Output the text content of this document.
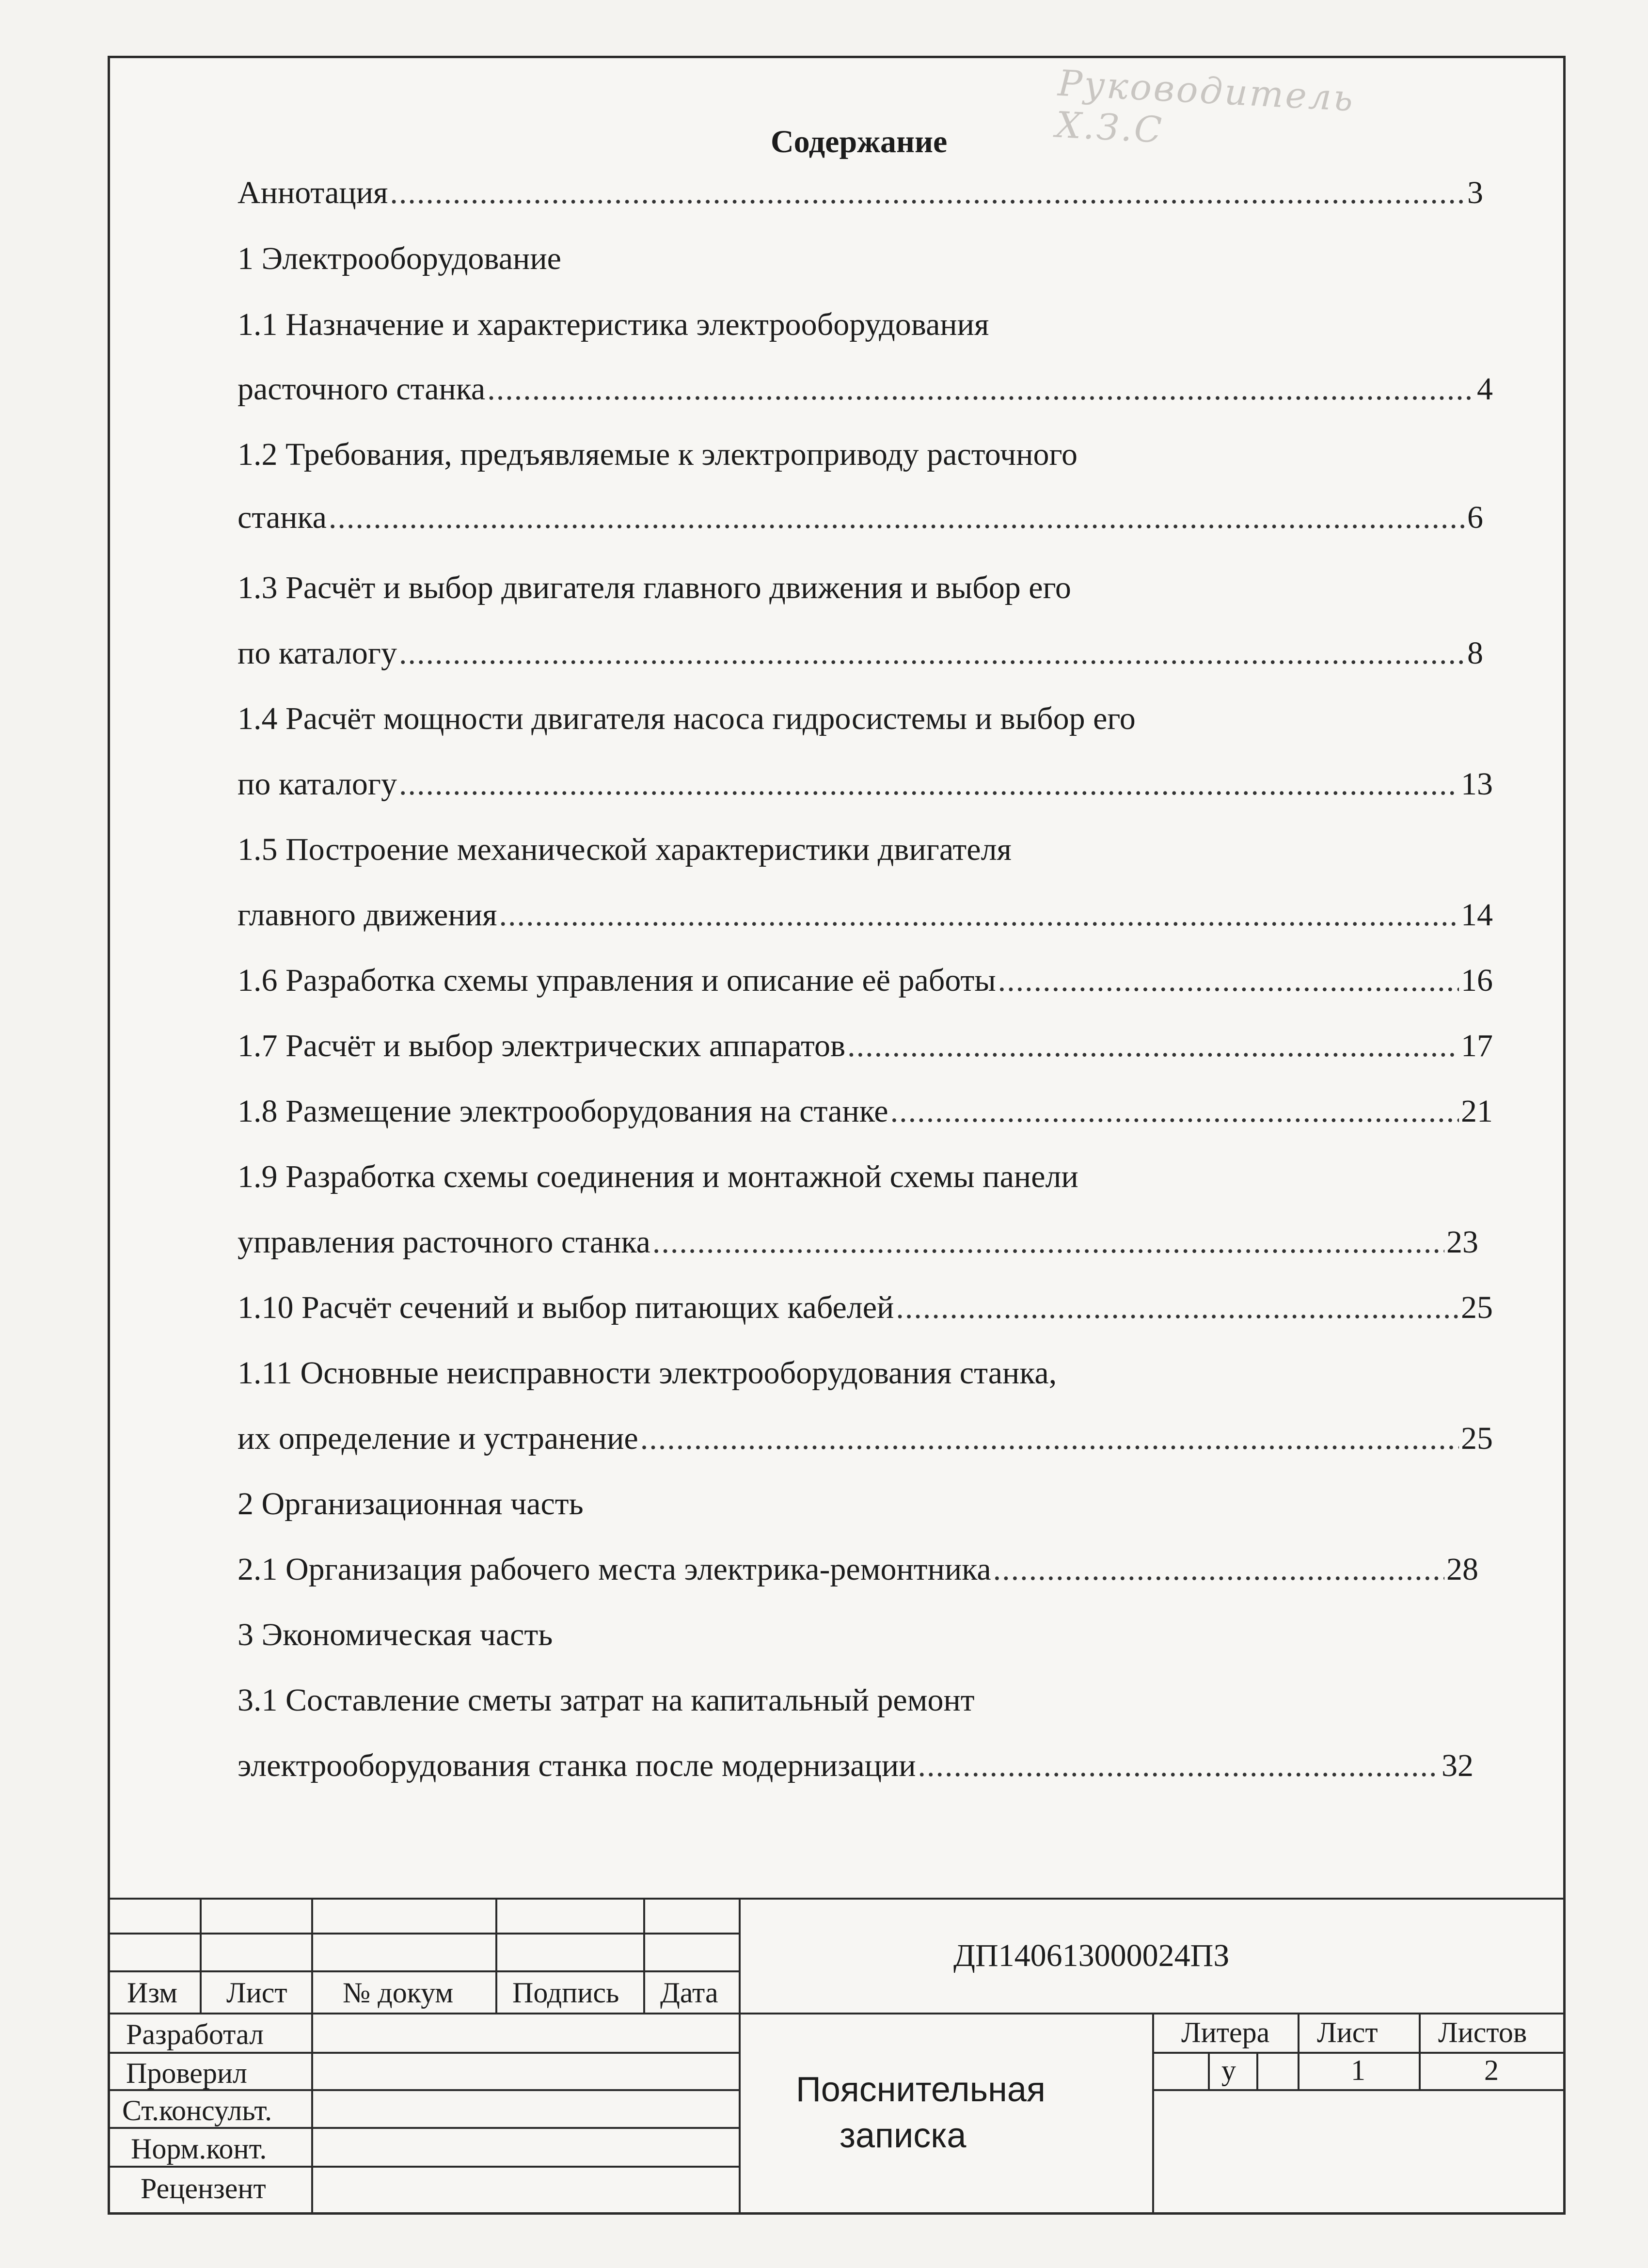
Руководитель Х.З.С
Содержание
Аннотация .....	3
1 Электрооборудование
1.1 Назначение и характеристика электрооборудования
расточного станка .....	4
1.2 Требования, предъявляемые к электроприводу расточного
станка .....	6
1.3 Расчёт и выбор двигателя главного движения и выбор его
по каталогу .....	8
1.4 Расчёт мощности двигателя насоса гидросистемы и выбор его
по каталогу .....	13
1.5 Построение механической характеристики двигателя
главного движения .....	14
1.6 Разработка схемы управления и описание её работы .....	16
1.7 Расчёт и выбор электрических аппаратов .....	17
1.8 Размещение электрооборудования на станке .....	21
1.9 Разработка схемы соединения и монтажной схемы панели
управления расточного станка .....	23
1.10 Расчёт сечений и выбор питающих кабелей .....	25
1.11 Основные неисправности электрооборудования станка,
их определение и устранение .....	25
2 Организационная часть
2.1 Организация рабочего места электрика-ремонтника .....	28
3 Экономическая часть
3.1 Составление сметы затрат на капитальный ремонт
электрооборудования станка после модернизации .....	32
Изм Лист № докум Подпись Дата
Разработал
Проверил
Ст.консульт.
Норм.конт.
Рецензент
ДП140613000024ПЗ
Пояснительная
записка
Литера Лист Листов
у	1	2
